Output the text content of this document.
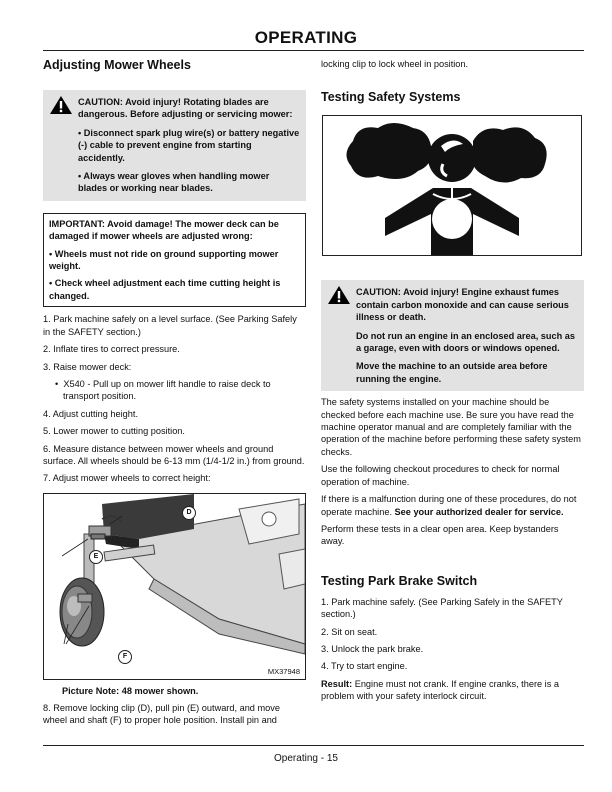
OPERATING
Adjusting Mower Wheels

CAUTION: Avoid injury! Rotating blades are dangerous. Before adjusting or servicing mower:

• Disconnect spark plug wire(s) or battery negative (-) cable to prevent engine from starting accidently.

• Always wear gloves when handling mower blades or working near blades.

IMPORTANT: Avoid damage! The mower deck can be damaged if mower wheels are adjusted wrong:

• Wheels must not ride on ground supporting mower weight.

• Check wheel adjustment each time cutting height is changed.

1. Park machine safely on a level surface. (See Parking Safely in the SAFETY section.)

2. Inflate tires to correct pressure.

3. Raise mower deck:

•  X540 - Pull up on mower lift handle to raise deck to transport position.

4. Adjust cutting height.

5. Lower mower to cutting position.

6. Measure distance between mower wheels and ground surface. All wheels should be 6-13 mm (1/4-1/2 in.) from ground.

7. Adjust mower wheels to correct height:

D
E
F
MX37948
Picture Note: 48 mower shown.

8. Remove locking clip (D), pull pin (E) outward, and move wheel and shaft (F) to proper hole position. Install pin and

locking clip to lock wheel in position.

Testing Safety Systems

CAUTION: Avoid injury! Engine exhaust fumes contain carbon monoxide and can cause serious illness or death.

Do not run an engine in an enclosed area, such as a garage, even with doors or windows opened.

Move the machine to an outside area before running the engine.

The safety systems installed on your machine should be checked before each machine use. Be sure you have read the machine operator manual and are completely familiar with the operation of the machine before performing these safety system checks.

Use the following checkout procedures to check for normal operation of machine.

If there is a malfunction during one of these procedures, do not operate machine. See your authorized dealer for service.

Perform these tests in a clear open area. Keep bystanders away.

Testing Park Brake Switch

1. Park machine safely. (See Parking Safely in the SAFETY section.)

2. Sit on seat.

3. Unlock the park brake.

4. Try to start engine.

Result: Engine must not crank. If engine cranks, there is a problem with your safety interlock circuit.

Operating - 15
